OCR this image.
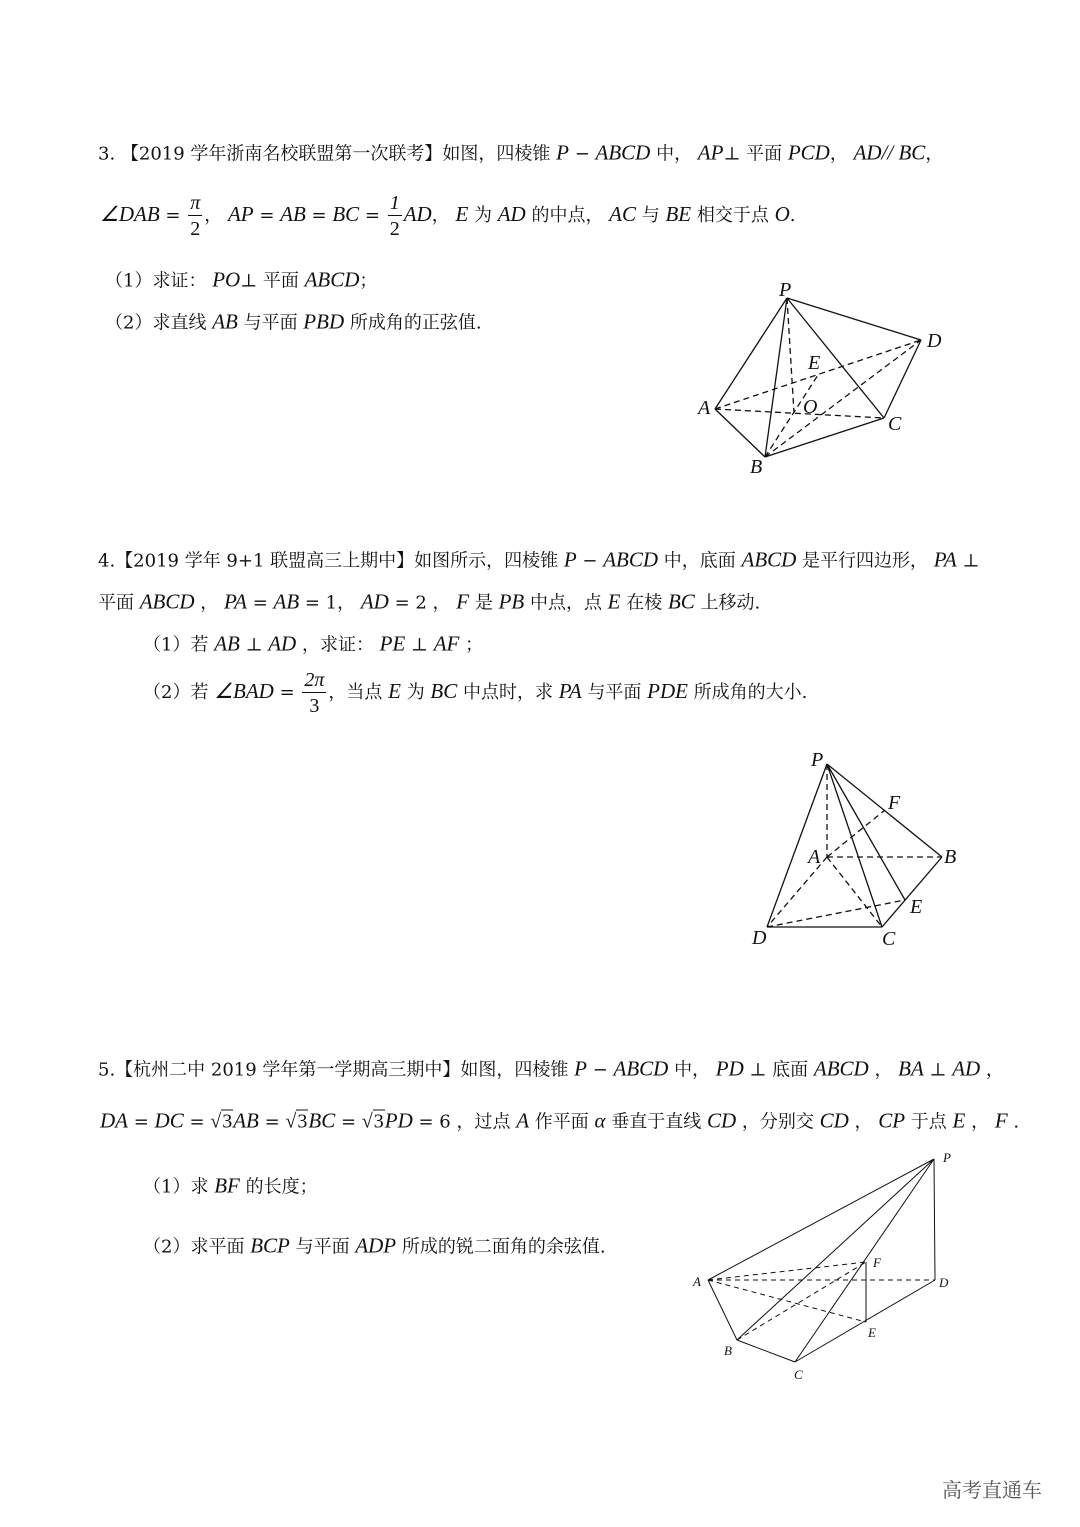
3. 【2019 学年浙南名校联盟第一次联考】如图，四棱锥 P − ABCD 中， AP⊥ 平面 PCD， AD// BC，
∠DAB = $\frac{\pi}{2}$ ， AP = AB = BC = $\frac{1}{2}$ AD， E 为 AD 的中点， AC 与 BE 相交于点 O.
（1）求证： PO⊥ 平面 ABCD；
（2）求直线 AB 与平面 PBD 所成角的正弦值.
P
D
E
A	O
C
B
4.【2019 学年 9+1 联盟高三上期中】如图所示，四棱锥 P − ABCD 中，底面 ABCD 是平行四边形， PA ⊥
平面 ABCD ， PA = AB = 1， AD = 2 ， F 是 PB 中点，点 E 在棱 BC 上移动.
（1）若 AB ⊥ AD ，求证： PE ⊥ AF ；
（2）若 ∠BAD = $\frac{2\pi}{3}$ ，当点 E 为 BC 中点时，求 PA 与平面 PDE 所成角的大小.
P
F
A	B
E
D	C
5.【杭州二中 2019 学年第一学期高三期中】如图，四棱锥 P − ABCD 中， PD ⊥ 底面 ABCD ， BA ⊥ AD ，
DA = DC = √3AB = √3BC = √3PD = 6 ，过点 A 作平面 α 垂直于直线 CD ，分别交 CD ， CP 于点 E ， F .
（1）求 BF 的长度；
（2）求平面 BCP 与平面 ADP 所成的锐二面角的余弦值.
P
F
A	D
E
B
C
高考直通车
